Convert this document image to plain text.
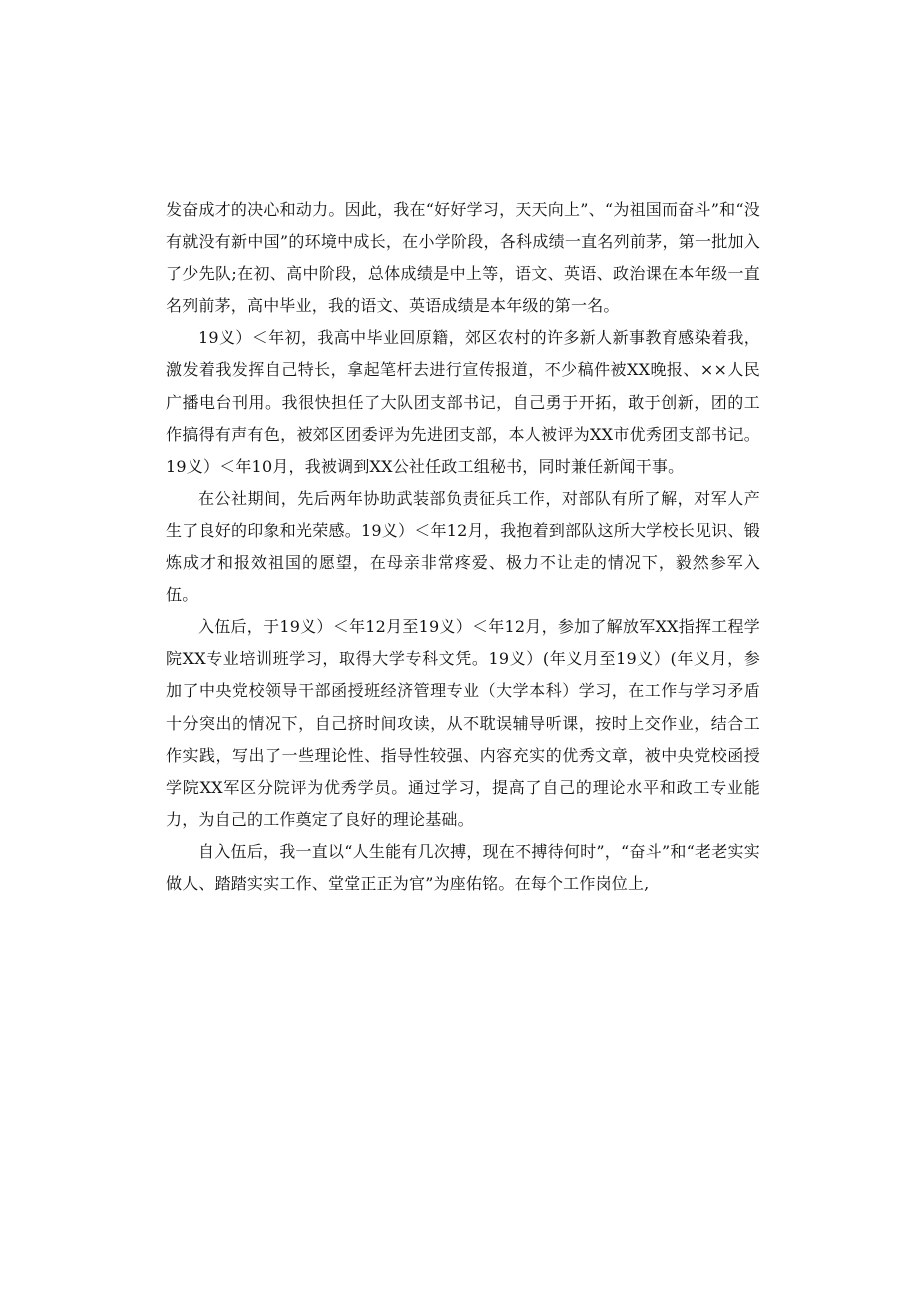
发奋成才的决心和动力。因此，我在“好好学习，天天向上”、“为祖国而奋斗”和“没有就没有新中国”的环境中成长，在小学阶段，各科成绩一直名列前茅，第一批加入了少先队;在初、高中阶段，总体成绩是中上等，语文、英语、政治课在本年级一直名列前茅，高中毕业，我的语文、英语成绩是本年级的第一名。

19义）＜年初，我高中毕业回原籍，郊区农村的许多新人新事教育感染着我，激发着我发挥自己特长，拿起笔杆去进行宣传报道，不少稿件被XX晚报、××人民广播电台刊用。我很快担任了大队团支部书记，自己勇于开拓，敢于创新，团的工作搞得有声有色，被郊区团委评为先进团支部，本人被评为XX市优秀团支部书记。19义）＜年10月，我被调到XX公社任政工组秘书，同时兼任新闻干事。

在公社期间，先后两年协助武装部负责征兵工作，对部队有所了解，对军人产生了良好的印象和光荣感。19义）＜年12月，我抱着到部队这所大学校长见识、锻炼成才和报效祖国的愿望，在母亲非常疼爱、极力不让走的情况下，毅然参军入伍。

入伍后，于19义）＜年12月至19义）＜年12月，参加了解放军XX指挥工程学院XX专业培训班学习，取得大学专科文凭。19义）(年义月至19义）(年义月，参加了中央党校领导干部函授班经济管理专业（大学本科）学习，在工作与学习矛盾十分突出的情况下，自己挤时间攻读，从不耽误辅导听课，按时上交作业，结合工作实践，写出了一些理论性、指导性较强、内容充实的优秀文章，被中央党校函授学院XX军区分院评为优秀学员。通过学习，提高了自己的理论水平和政工专业能力，为自己的工作奠定了良好的理论基础。

自入伍后，我一直以“人生能有几次搏，现在不搏待何时”，“奋斗”和“老老实实做人、踏踏实实工作、堂堂正正为官”为座佑铭。在每个工作岗位上,
